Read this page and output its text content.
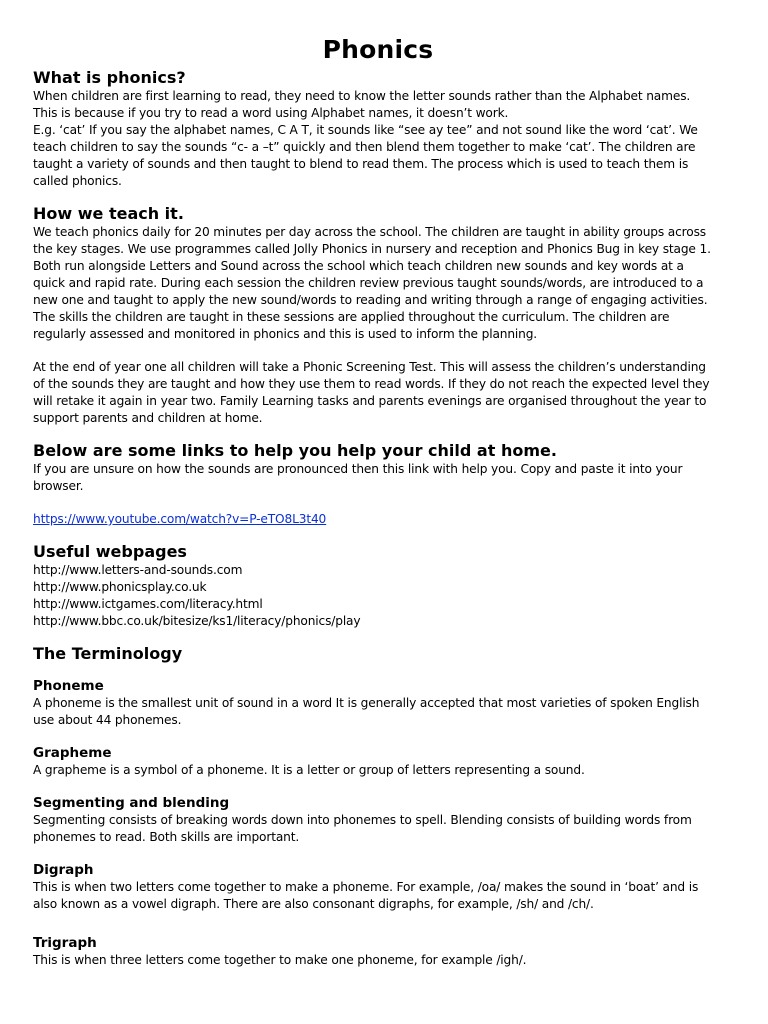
Phonics
What is phonics?

When children are first learning to read, they need to know the letter sounds rather than the Alphabet names.

This is because if you try to read a word using Alphabet names, it doesn’t work.

E.g. ‘cat’ If you say the alphabet names, C A T, it sounds like “see ay tee” and not sound like the word ‘cat’. We

teach children to say the sounds “c- a –t” quickly and then blend them together to make ‘cat’. The children are

taught a variety of sounds and then taught to blend to read them. The process which is used to teach them is

called phonics.

How we teach it.

We teach phonics daily for 20 minutes per day across the school. The children are taught in ability groups across

the key stages. We use programmes called Jolly Phonics in nursery and reception and Phonics Bug in key stage 1.

Both run alongside Letters and Sound across the school which teach children new sounds and key words at a

quick and rapid rate. During each session the children review previous taught sounds/words, are introduced to a

new one and taught to apply the new sound/words to reading and writing through a range of engaging activities.

The skills the children are taught in these sessions are applied throughout the curriculum. The children are

regularly assessed and monitored in phonics and this is used to inform the planning.

At the end of year one all children will take a Phonic Screening Test. This will assess the children’s understanding

of the sounds they are taught and how they use them to read words. If they do not reach the expected level they

will retake it again in year two. Family Learning tasks and parents evenings are organised throughout the year to

support parents and children at home.

Below are some links to help you help your child at home.

If you are unsure on how the sounds are pronounced then this link with help you. Copy and paste it into your

browser.

https://www.youtube.com/watch?v=P-eTO8L3t40

Useful webpages

http://www.letters-and-sounds.com

http://www.phonicsplay.co.uk

http://www.ictgames.com/literacy.html

http://www.bbc.co.uk/bitesize/ks1/literacy/phonics/play

The Terminology
Phoneme

A phoneme is the smallest unit of sound in a word It is generally accepted that most varieties of spoken English

use about 44 phonemes.

Grapheme

A grapheme is a symbol of a phoneme. It is a letter or group of letters representing a sound.

Segmenting and blending

Segmenting consists of breaking words down into phonemes to spell. Blending consists of building words from

phonemes to read. Both skills are important.

Digraph

This is when two letters come together to make a phoneme. For example, /oa/ makes the sound in ‘boat’ and is

also known as a vowel digraph. There are also consonant digraphs, for example, /sh/ and /ch/.

Trigraph

This is when three letters come together to make one phoneme, for example /igh/.
